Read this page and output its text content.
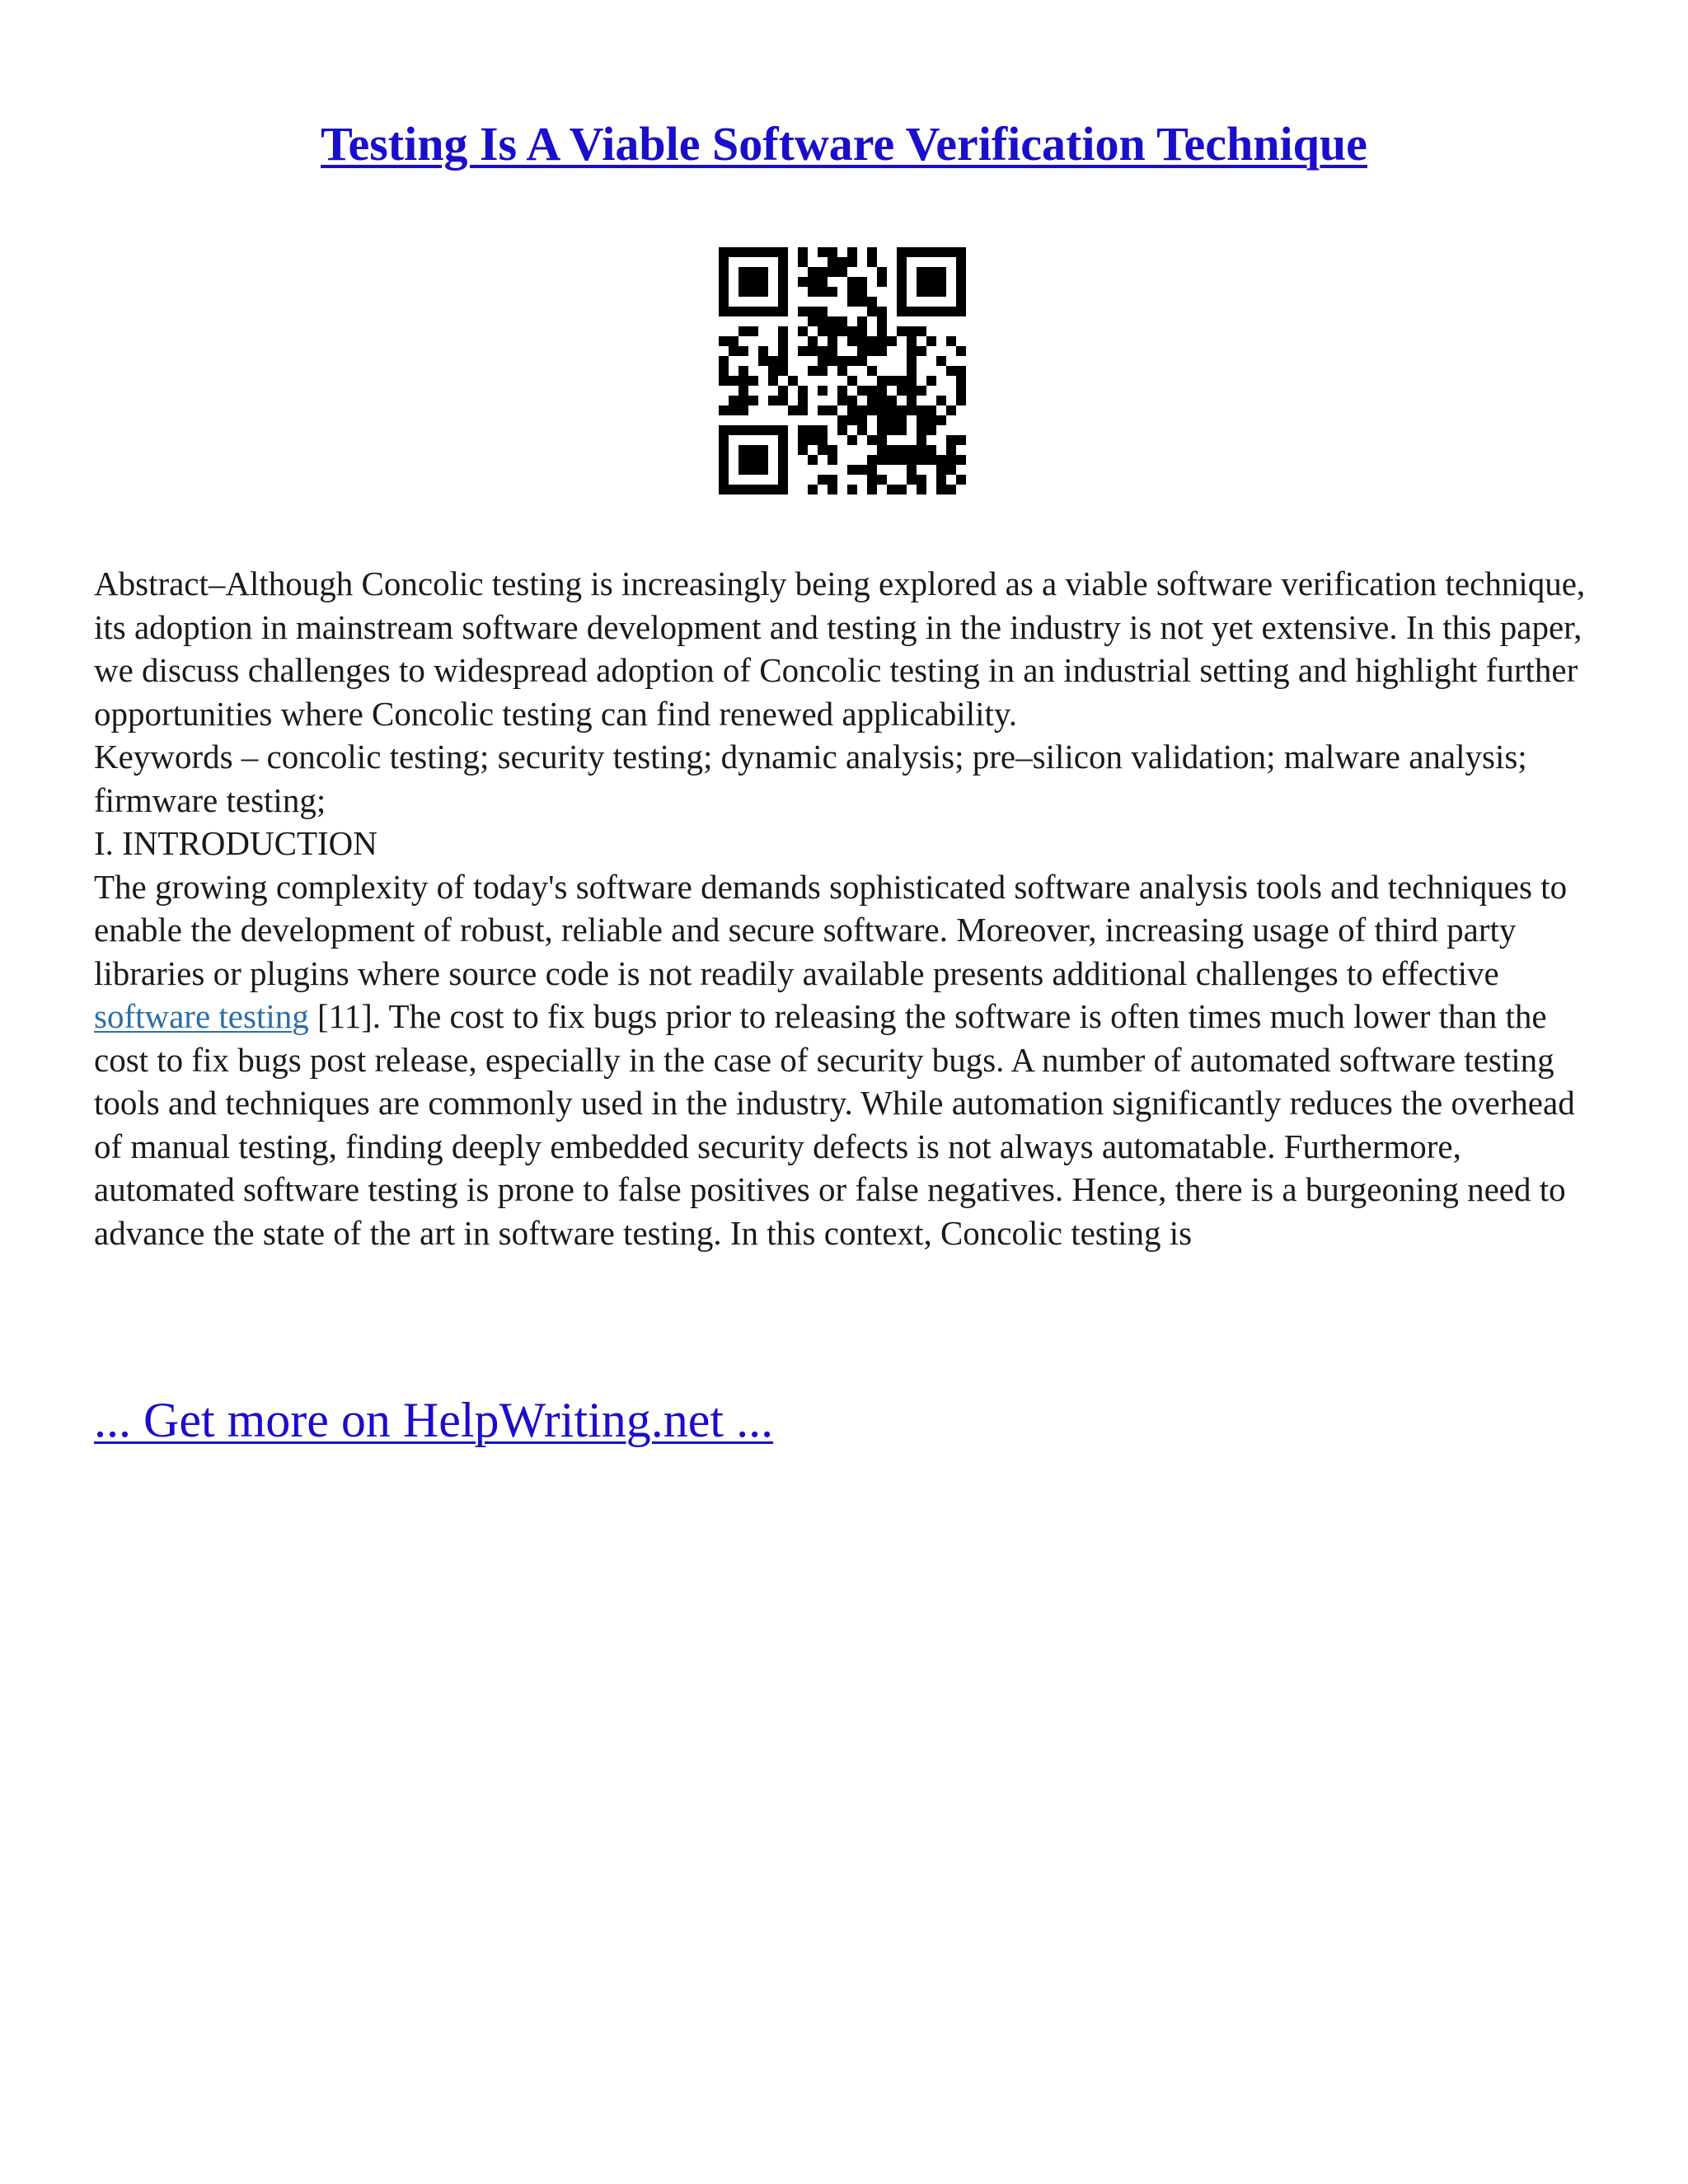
Testing Is A Viable Software Verification Technique

Abstract–Although Concolic testing is increasingly being explored as a viable software verification technique, its adoption in mainstream software development and testing in the industry is not yet extensive. In this paper, we discuss challenges to widespread adoption of Concolic testing in an industrial setting and highlight further opportunities where Concolic testing can find renewed applicability.

Keywords – concolic testing; security testing; dynamic analysis; pre–silicon validation; malware analysis; firmware testing;

I. INTRODUCTION

The growing complexity of today's software demands sophisticated software analysis tools and techniques to enable the development of robust, reliable and secure software. Moreover, increasing usage of third party libraries or plugins where source code is not readily available presents additional challenges to effective software testing [11]. The cost to fix bugs prior to releasing the software is often times much lower than the cost to fix bugs post release, especially in the case of security bugs. A number of automated software testing tools and techniques are commonly used in the industry. While automation significantly reduces the overhead of manual testing, finding deeply embedded security defects is not always automatable. Furthermore, automated software testing is prone to false positives or false negatives. Hence, there is a burgeoning need to advance the state of the art in software testing. In this context, Concolic testing is

... Get more on HelpWriting.net ...
